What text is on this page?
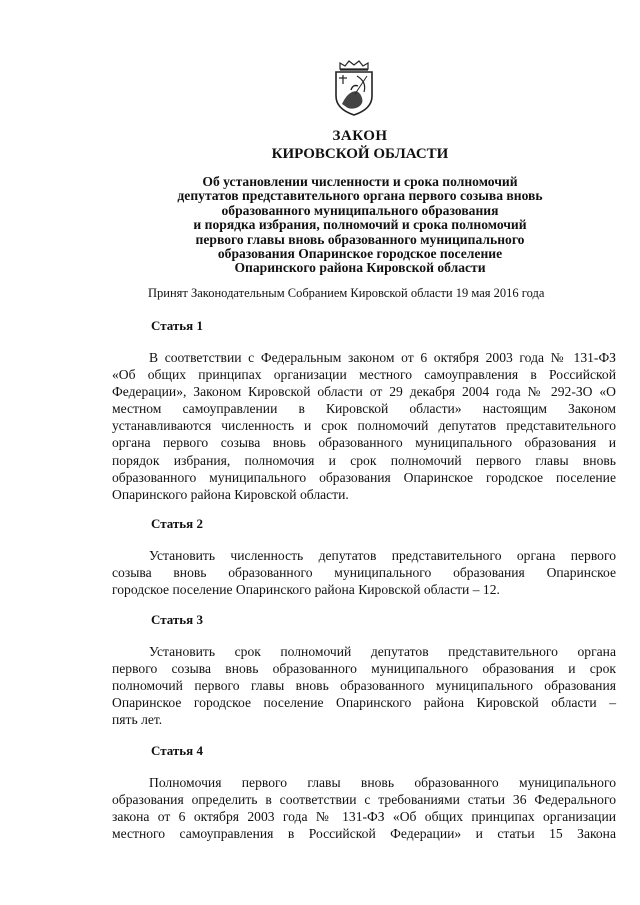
ЗАКОН
КИРОВСКОЙ ОБЛАСТИ
Об установлении численности и срока полномочий
депутатов представительного органа первого созыва вновь
образованного муниципального образования
и порядка избрания, полномочий и срока полномочий
первого главы вновь образованного муниципального
образования Опаринское городское поселение
Опаринского района Кировской области
Принят Законодательным Собранием Кировской области 19 мая 2016 года
Статья 1
В соответствии с Федеральным законом от 6 октября 2003 года № 131-ФЗ
«Об общих принципах организации местного самоуправления в Российской
Федерации», Законом Кировской области от 29 декабря 2004 года № 292-ЗО «О
местном самоуправлении в Кировской области» настоящим Законом
устанавливаются численность и срок полномочий депутатов представительного
органа первого созыва вновь образованного муниципального образования и
порядок избрания, полномочия и срок полномочий первого главы вновь
образованного муниципального образования Опаринское городское поселение
Опаринского района Кировской области.
Статья 2
Установить численность депутатов представительного органа первого
созыва вновь образованного муниципального образования Опаринское
городское поселение Опаринского района Кировской области – 12.
Статья 3
Установить срок полномочий депутатов представительного органа
первого созыва вновь образованного муниципального образования и срок
полномочий первого главы вновь образованного муниципального образования
Опаринское городское поселение Опаринского района Кировской области –
пять лет.
Статья 4
Полномочия первого главы вновь образованного муниципального
образования определить в соответствии с требованиями статьи 36 Федерального
закона от 6 октября 2003 года № 131-ФЗ «Об общих принципах организации
местного самоуправления в Российской Федерации» и статьи 15 Закона
